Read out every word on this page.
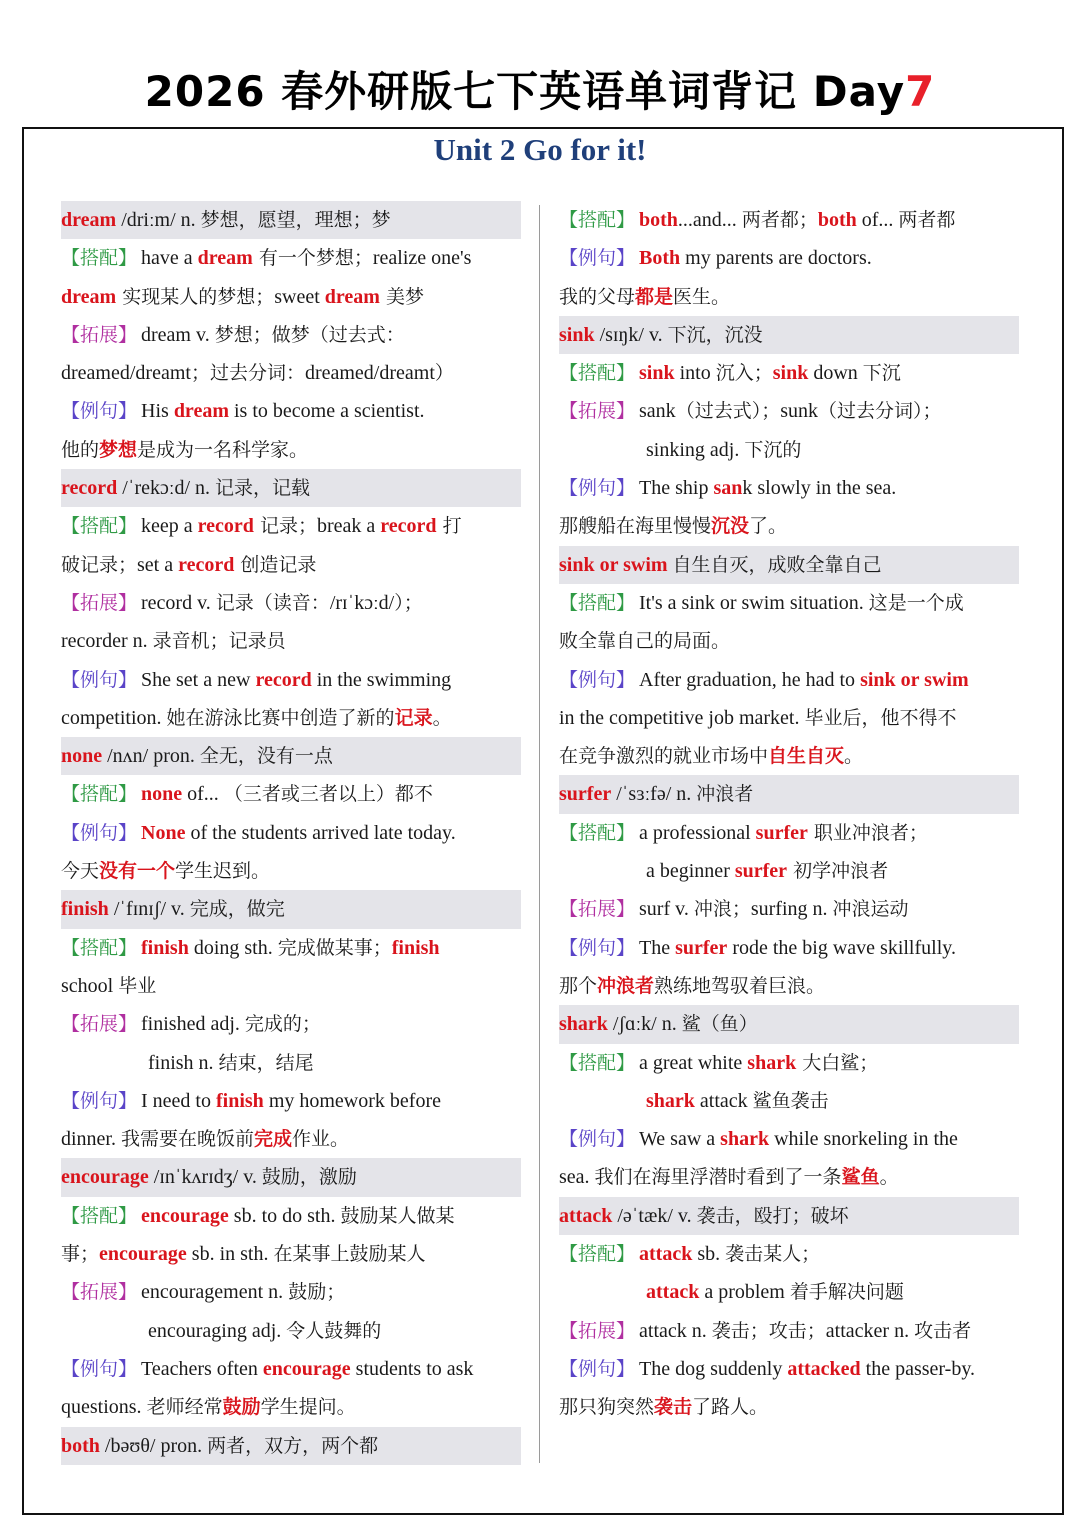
2026 春外研版七下英语单词背记 Day7
Unit 2 Go for it!
dream /driːm/ n. 梦想，愿望，理想；梦
【搭配】 have a dream 有一个梦想；realize one's
dream 实现某人的梦想；sweet dream 美梦
【拓展】 dream v. 梦想；做梦（过去式：
dreamed/dreamt；过去分词：dreamed/dreamt）
【例句】 His dream is to become a scientist.
他的梦想是成为一名科学家。
record /ˈrekɔːd/ n. 记录，记载
【搭配】 keep a record 记录；break a record 打
破记录；set a record 创造记录
【拓展】 record v. 记录（读音：/rɪˈkɔːd/）；
recorder n. 录音机；记录员
【例句】 She set a new record in the swimming
competition. 她在游泳比赛中创造了新的记录。
none /nʌn/ pron. 全无，没有一点
【搭配】 none of... （三者或三者以上）都不
【例句】 None of the students arrived late today.
今天没有一个学生迟到。
finish /ˈfɪnɪʃ/ v. 完成，做完
【搭配】 finish doing sth. 完成做某事；finish
school 毕业
【拓展】 finished adj. 完成的；
finish n. 结束，结尾
【例句】 I need to finish my homework before
dinner. 我需要在晚饭前完成作业。
encourage /ɪnˈkʌrɪdʒ/ v. 鼓励，激励
【搭配】 encourage sb. to do sth. 鼓励某人做某
事；encourage sb. in sth. 在某事上鼓励某人
【拓展】 encouragement n. 鼓励；
encouraging adj. 令人鼓舞的
【例句】 Teachers often encourage students to ask
questions. 老师经常鼓励学生提问。
both /bəʊθ/ pron. 两者，双方，两个都
【搭配】 both...and... 两者都；both of... 两者都
【例句】 Both my parents are doctors.
我的父母都是医生。
sink /sɪŋk/ v. 下沉，沉没
【搭配】 sink into 沉入；sink down 下沉
【拓展】 sank（过去式）；sunk（过去分词）；
sinking adj. 下沉的
【例句】 The ship sank slowly in the sea.
那艘船在海里慢慢沉没了。
sink or swim 自生自灭，成败全靠自己
【搭配】 It's a sink or swim situation. 这是一个成
败全靠自己的局面。
【例句】 After graduation, he had to sink or swim
in the competitive job market. 毕业后，他不得不
在竞争激烈的就业市场中自生自灭。
surfer /ˈsɜːfə/ n. 冲浪者
【搭配】 a professional surfer 职业冲浪者；
a beginner surfer 初学冲浪者
【拓展】 surf v. 冲浪；surfing n. 冲浪运动
【例句】 The surfer rode the big wave skillfully.
那个冲浪者熟练地驾驭着巨浪。
shark /ʃɑːk/ n. 鲨（鱼）
【搭配】 a great white shark 大白鲨；
shark attack 鲨鱼袭击
【例句】 We saw a shark while snorkeling in the
sea. 我们在海里浮潜时看到了一条鲨鱼。
attack /əˈtæk/ v. 袭击，殴打；破坏
【搭配】 attack sb. 袭击某人；
attack a problem 着手解决问题
【拓展】 attack n. 袭击；攻击；attacker n. 攻击者
【例句】 The dog suddenly attacked the passer-by.
那只狗突然袭击了路人。
